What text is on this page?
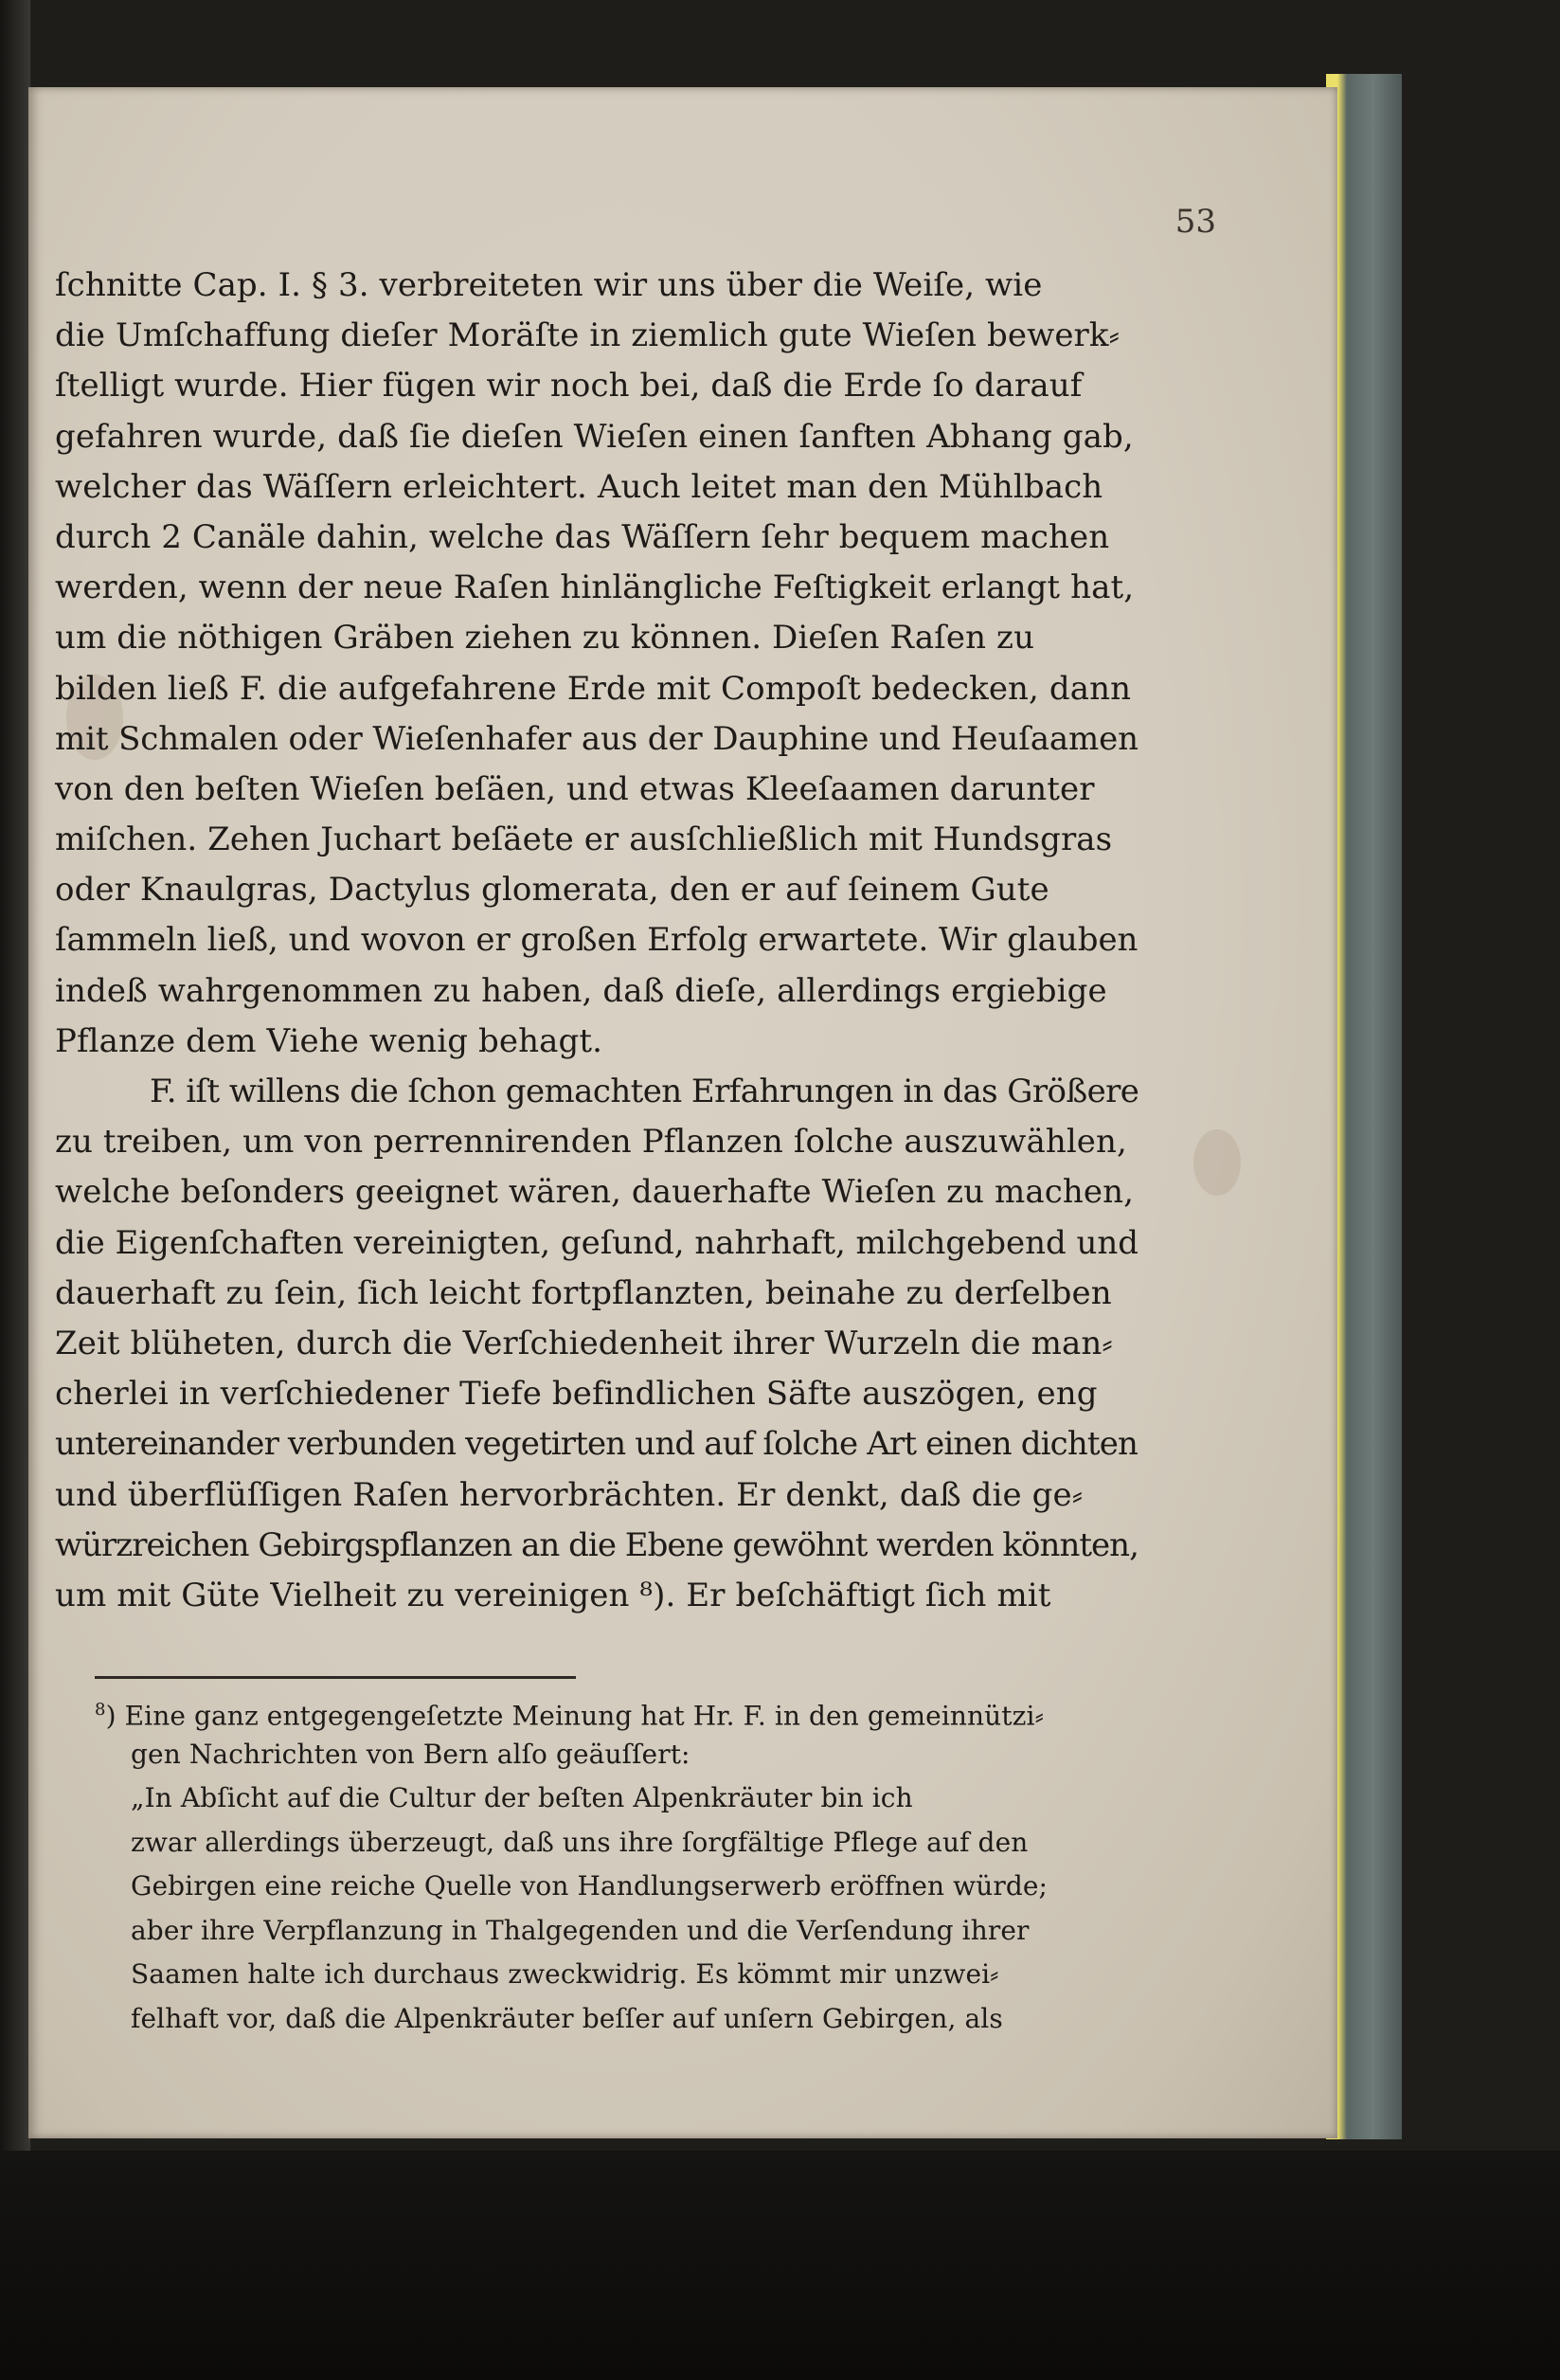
53
ſchnitte Cap. I. § 3. verbreiteten wir uns über die Weiſe, wie
die Umſchaffung dieſer Moräſte in ziemlich gute Wieſen bewerk⸗
ſtelligt wurde. Hier fügen wir noch bei, daß die Erde ſo darauf
gefahren wurde, daß ſie dieſen Wieſen einen ſanften Abhang gab,
welcher das Wäſſern erleichtert. Auch leitet man den Mühlbach
durch 2 Canäle dahin, welche das Wäſſern ſehr bequem machen
werden, wenn der neue Raſen hinlängliche Feſtigkeit erlangt hat,
um die nöthigen Gräben ziehen zu können. Dieſen Raſen zu
bilden ließ F. die aufgefahrene Erde mit Compoſt bedecken, dann
mit Schmalen oder Wieſenhafer aus der Dauphine und Heuſaamen
von den beſten Wieſen beſäen, und etwas Kleeſaamen darunter
miſchen. Zehen Juchart beſäete er ausſchließlich mit Hundsgras
oder Knaulgras, Dactylus glomerata, den er auf ſeinem Gute
ſammeln ließ, und wovon er großen Erfolg erwartete. Wir glauben
indeß wahrgenommen zu haben, daß dieſe, allerdings ergiebige
Pflanze dem Viehe wenig behagt.
F. iſt willens die ſchon gemachten Erfahrungen in das Größere
zu treiben, um von perrennirenden Pflanzen ſolche auszuwählen,
welche beſonders geeignet wären, dauerhafte Wieſen zu machen,
die Eigenſchaften vereinigten, geſund, nahrhaft, milchgebend und
dauerhaft zu ſein, ſich leicht fortpflanzten, beinahe zu derſelben
Zeit blüheten, durch die Verſchiedenheit ihrer Wurzeln die man⸗
cherlei in verſchiedener Tiefe befindlichen Säfte auszögen, eng
untereinander verbunden vegetirten und auf ſolche Art einen dichten
und überflüſſigen Raſen hervorbrächten. Er denkt, daß die ge⸗
würzreichen Gebirgspflanzen an die Ebene gewöhnt werden könnten,
um mit Güte Vielheit zu vereinigen ⁸). Er beſchäftigt ſich mit
$^8$) Eine ganz entgegengeſetzte Meinung hat Hr. F. in den gemeinnützi⸗
gen Nachrichten von Bern alſo geäuſſert:
„In Abſicht auf die Cultur der beſten Alpenkräuter bin ich
zwar allerdings überzeugt, daß uns ihre ſorgfältige Pflege auf den
Gebirgen eine reiche Quelle von Handlungserwerb eröffnen würde;
aber ihre Verpflanzung in Thalgegenden und die Verſendung ihrer
Saamen halte ich durchaus zweckwidrig. Es kömmt mir unzwei⸗
felhaft vor, daß die Alpenkräuter beſſer auf unſern Gebirgen, als
